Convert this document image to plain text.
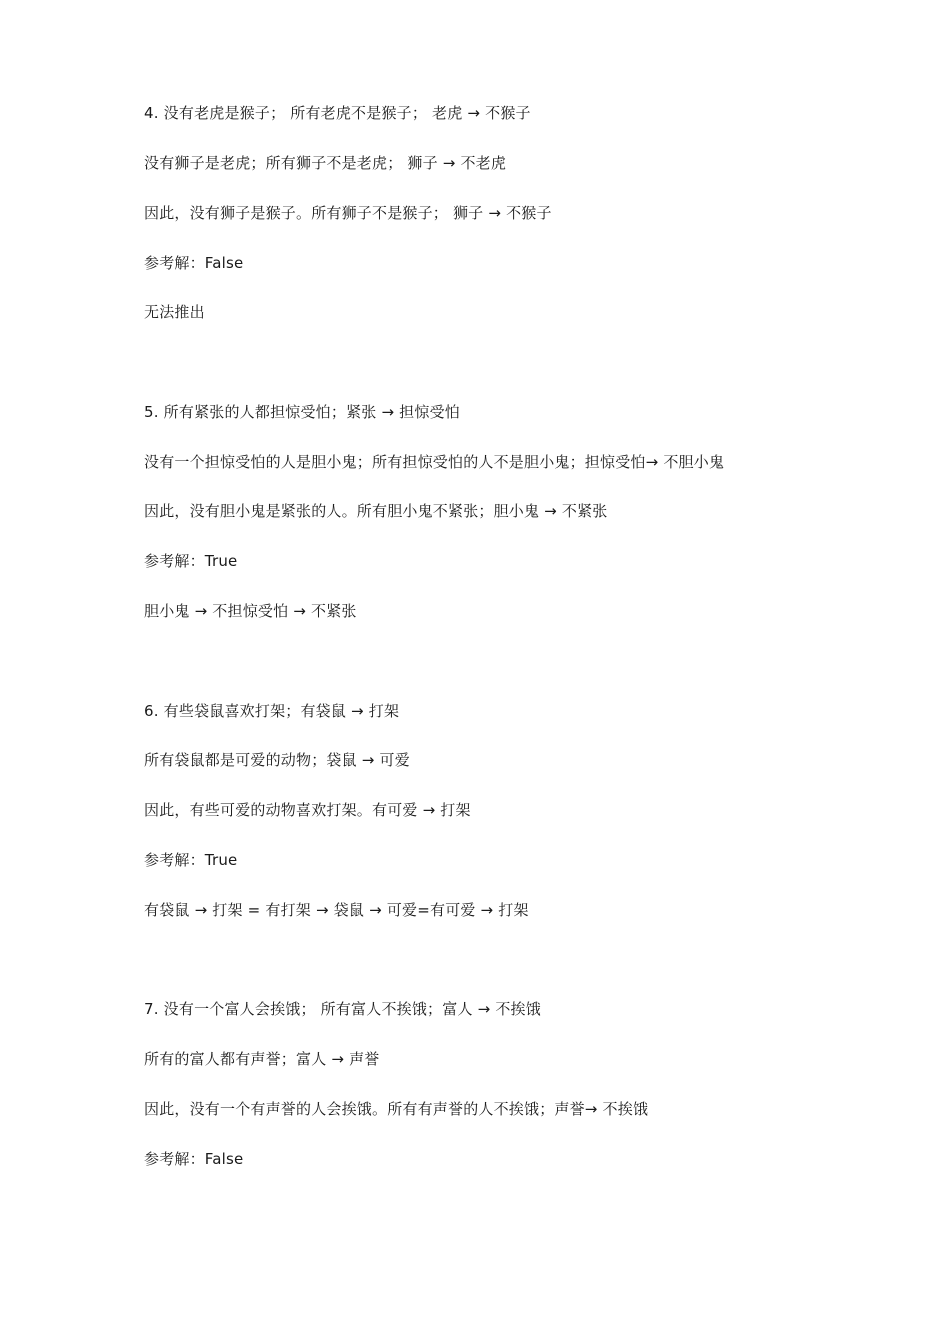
4. 没有老虎是猴子； 所有老虎不是猴子； 老虎 → 不猴子
没有狮子是老虎；所有狮子不是老虎； 狮子 → 不老虎
因此，没有狮子是猴子。所有狮子不是猴子； 狮子 → 不猴子
参考解：False
无法推出
5. 所有紧张的人都担惊受怕；紧张 → 担惊受怕
没有一个担惊受怕的人是胆小鬼；所有担惊受怕的人不是胆小鬼；担惊受怕→ 不胆小鬼
因此，没有胆小鬼是紧张的人。所有胆小鬼不紧张；胆小鬼 → 不紧张
参考解：True
胆小鬼 → 不担惊受怕 → 不紧张
6. 有些袋鼠喜欢打架；有袋鼠 → 打架
所有袋鼠都是可爱的动物；袋鼠 → 可爱
因此，有些可爱的动物喜欢打架。有可爱 → 打架
参考解：True
有袋鼠 → 打架 = 有打架 → 袋鼠 → 可爱=有可爱 → 打架
7. 没有一个富人会挨饿； 所有富人不挨饿；富人 → 不挨饿
所有的富人都有声誉；富人 → 声誉
因此，没有一个有声誉的人会挨饿。所有有声誉的人不挨饿；声誉→ 不挨饿
参考解：False
